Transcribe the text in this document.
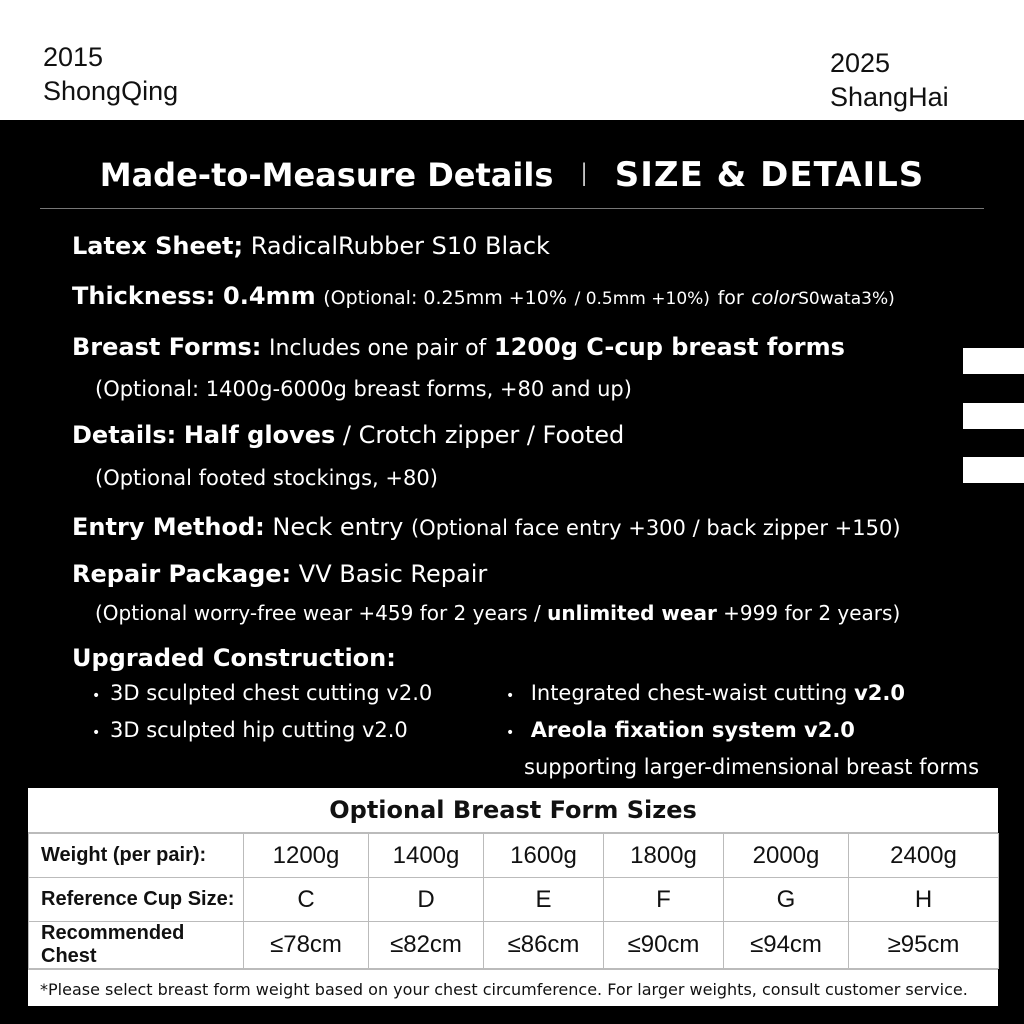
2015
ShongQing
2025
ShangHai
Made-to-Measure Details I SIZE & DETAILS
Latex Sheet; RadicalRubber S10 Black
Thickness: 0.4mm (Optional: 0.25mm +10% / 0.5mm +10%) for colorS0wata3%)
Breast Forms: Includes one pair of 1200g C-cup breast forms
(Optional: 1400g-6000g breast forms, +80 and up)
Details: Half gloves / Crotch zipper / Footed
(Optional footed stockings, +80)
Entry Method: Neck entry (Optional face entry +300 / back zipper +150)
Repair Package: VV Basic Repair
(Optional worry-free wear +459 for 2 years / unlimited wear +999 for 2 years)
Upgraded Construction:
• 3D sculpted chest cutting v2.0
• 3D sculpted hip cutting v2.0
• Integrated chest-waist cutting v2.0
• Areola fixation system v2.0
supporting larger-dimensional breast forms
Optional Breast Form Sizes
Weight (per pair):	1200g	1400g	1600g	1800g	2000g	2400g
Reference Cup Size:	C	D	E	F	G	H
Recommended Chest	≤78cm	≤82cm	≤86cm	≤90cm	≤94cm	≥95cm
*Please select breast form weight based on your chest circumference. For larger weights, consult customer service.
